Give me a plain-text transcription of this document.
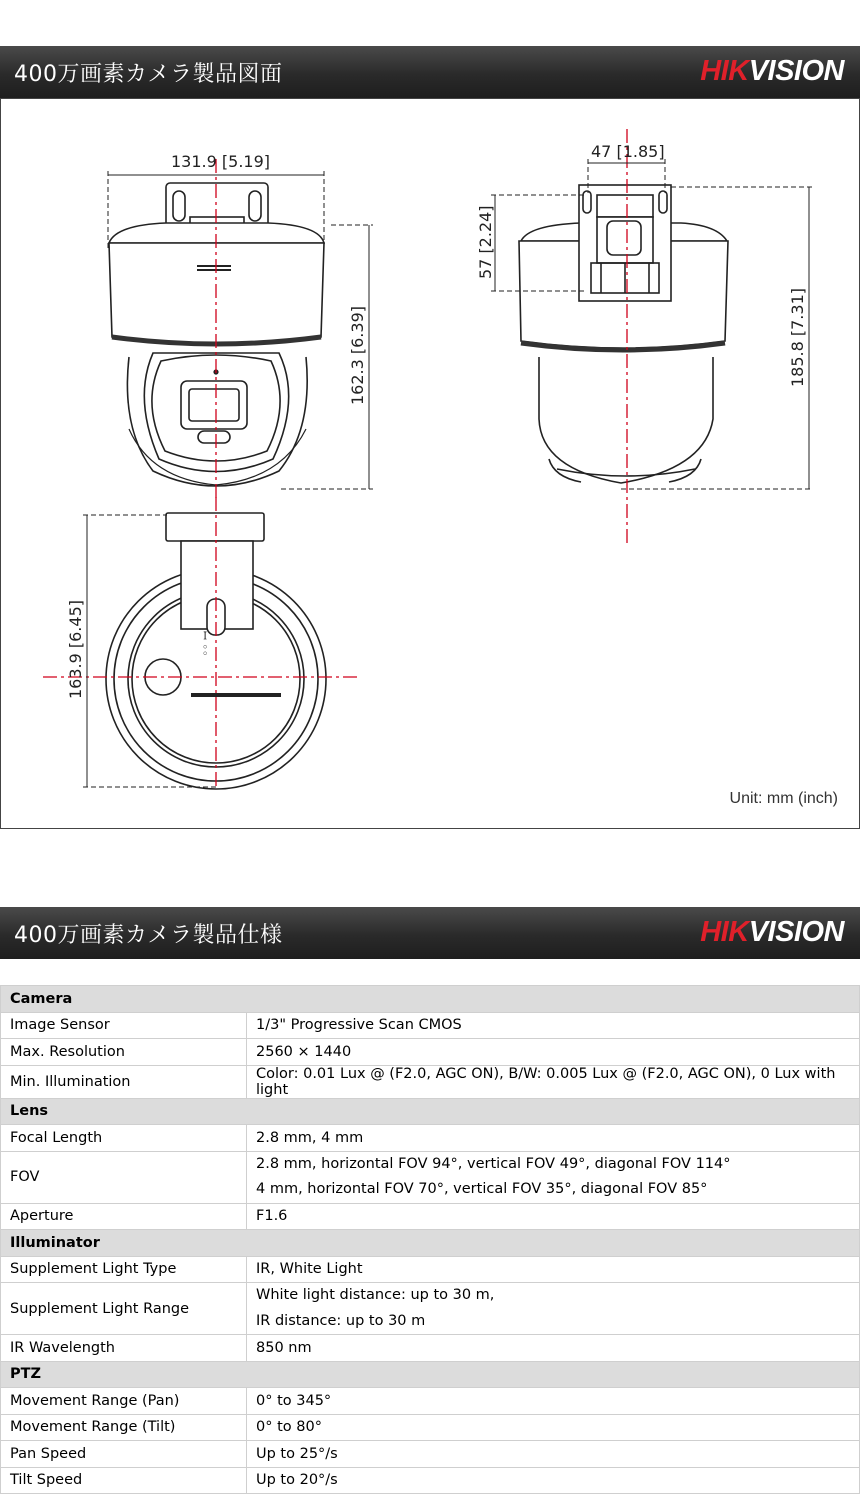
400万画素カメラ製品図面	HIKVISION
ꟷ ◦◦
131.9 [5.19]
47 [1.85]
162.3 [6.39]
57 [2.24]
185.8 [7.31]
163.9 [6.45]
Unit: mm (inch)
400万画素カメラ製品仕様	HIKVISION
Camera	
Image Sensor	1/3" Progressive Scan CMOS
Max. Resolution	2560 × 1440
Min. Illumination	Color: 0.01 Lux @ (F2.0, AGC ON), B/W: 0.005 Lux @ (F2.0, AGC ON), 0 Lux with light
Lens	
Focal Length	2.8 mm, 4 mm
FOV	2.8 mm, horizontal FOV 94°, vertical FOV 49°, diagonal FOV 114°
4 mm, horizontal FOV 70°, vertical FOV 35°, diagonal FOV 85°

Aperture	F1.6
Illuminator	
Supplement Light Type	IR, White Light
Supplement Light Range	White light distance: up to 30 m,
IR distance: up to 30 m

IR Wavelength	850 nm
PTZ	
Movement Range (Pan)	0° to 345°
Movement Range (Tilt)	0° to 80°
Pan Speed	Up to 25°/s
Tilt Speed	Up to 20°/s
